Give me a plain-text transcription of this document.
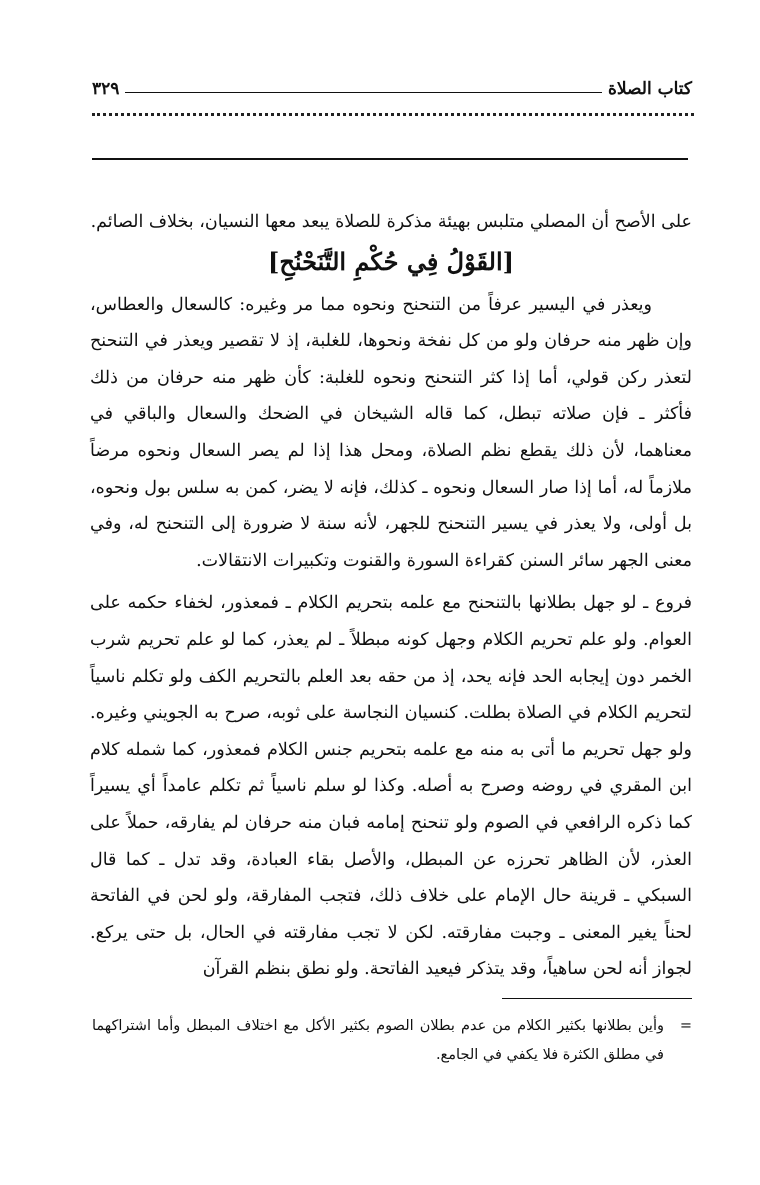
كتاب الصلاة
٣٢٩

على الأصح أن المصلي متلبس بهيئة مذكرة للصلاة يبعد معها النسيان، بخلاف الصائم.

[القَوْلُ فِي حُكْمِ التَّنَحْنُحِ]

ويعذر في اليسير عرفاً من التنحنح ونحوه مما مر وغيره: كالسعال والعطاس، وإن ظهر منه حرفان ولو من كل نفخة ونحوها، للغلبة، إذ لا تقصير ويعذر في التنحنح لتعذر ركن قولي، أما إذا كثر التنحنح ونحوه للغلبة: كأن ظهر منه حرفان من ذلك فأكثر ـ فإن صلاته تبطل، كما قاله الشيخان في الضحك والسعال والباقي في معناهما، لأن ذلك يقطع نظم الصلاة، ومحل هذا إذا لم يصر السعال ونحوه مرضاً ملازماً له، أما إذا صار السعال ونحوه ـ كذلك، فإنه لا يضر، كمن به سلس بول ونحوه، بل أولى، ولا يعذر في يسير التنحنح للجهر، لأنه سنة لا ضرورة إلى التنحنح له، وفي معنى الجهر سائر السنن كقراءة السورة والقنوت وتكبيرات الانتقالات.

فروع ـ لو جهل بطلانها بالتنحنح مع علمه بتحريم الكلام ـ فمعذور، لخفاء حكمه على العوام. ولو علم تحريم الكلام وجهل كونه مبطلاً ـ لم يعذر، كما لو علم تحريم شرب الخمر دون إيجابه الحد فإنه يحد، إذ من حقه بعد العلم بالتحريم الكف ولو تكلم ناسياً لتحريم الكلام في الصلاة بطلت. كنسيان النجاسة على ثوبه، صرح به الجويني وغيره. ولو جهل تحريم ما أتى به منه مع علمه بتحريم جنس الكلام فمعذور، كما شمله كلام ابن المقري في روضه وصرح به أصله. وكذا لو سلم ناسياً ثم تكلم عامداً أي يسيراً كما ذكره الرافعي في الصوم ولو تنحنح إمامه فبان منه حرفان لم يفارقه، حملاً على العذر، لأن الظاهر تحرزه عن المبطل، والأصل بقاء العبادة، وقد تدل ـ كما قال السبكي ـ قرينة حال الإمام على خلاف ذلك، فتجب المفارقة، ولو لحن في الفاتحة لحناً يغير المعنى ـ وجبت مفارقته. لكن لا تجب مفارقته في الحال، بل حتى يركع. لجواز أنه لحن ساهياً، وقد يتذكر فيعيد الفاتحة. ولو نطق بنظم القرآن

=
وأين بطلانها بكثير الكلام من عدم بطلان الصوم بكثير الأكل مع اختلاف المبطل وأما اشتراكهما في مطلق الكثرة فلا يكفي في الجامع.
